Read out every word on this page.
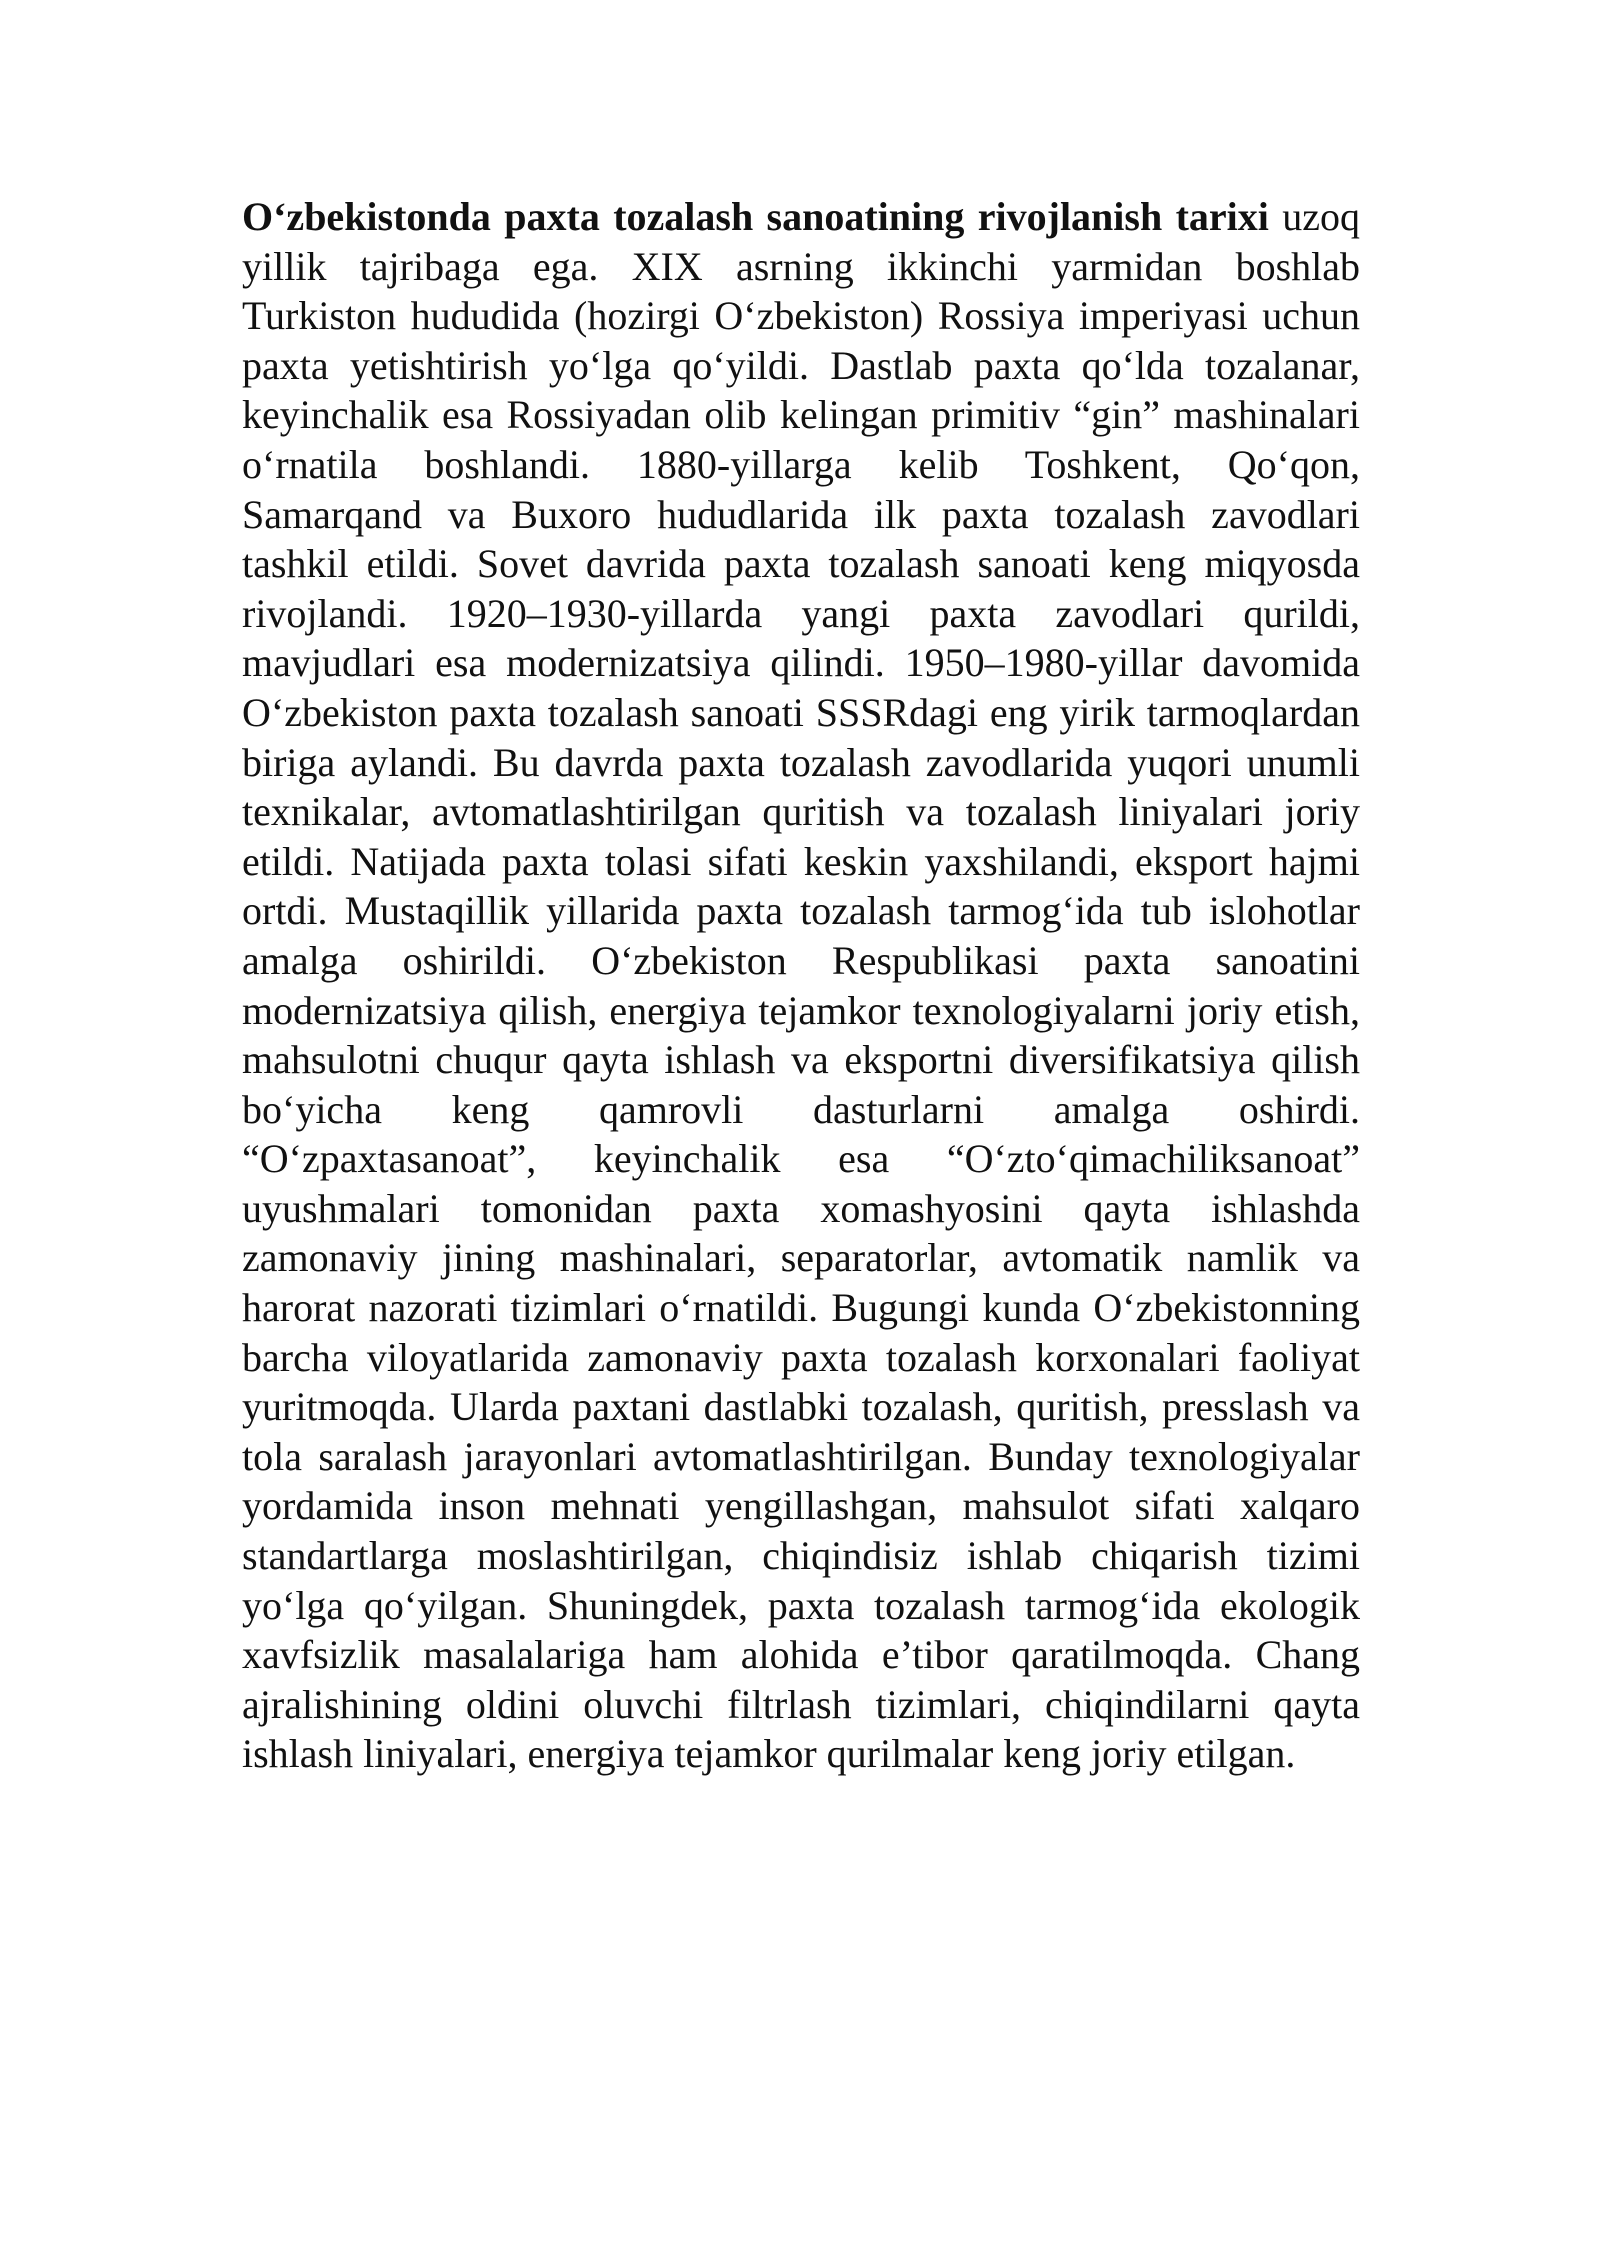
O‘zbekistonda paxta tozalash sanoatining rivojlanish tarixi uzoq yillik tajribaga ega. XIX asrning ikkinchi yarmidan boshlab Turkiston hududida (hozirgi O‘zbekiston) Rossiya imperiyasi uchun paxta yetishtirish yo‘lga qo‘yildi. Dastlab paxta qo‘lda tozalanar, keyinchalik esa Rossiyadan olib kelingan primitiv “gin” mashinalari o‘rnatila boshlandi. 1880-yillarga kelib Toshkent, Qo‘qon, Samarqand va Buxoro hududlarida ilk paxta tozalash zavodlari tashkil etildi. Sovet davrida paxta tozalash sanoati keng miqyosda rivojlandi. 1920–1930-yillarda yangi paxta zavodlari qurildi, mavjudlari esa modernizatsiya qilindi. 1950–1980-yillar davomida O‘zbekiston paxta tozalash sanoati SSSRdagi eng yirik tarmoqlardan biriga aylandi. Bu davrda paxta tozalash zavodlarida yuqori unumli texnikalar, avtomatlashtirilgan quritish va tozalash liniyalari joriy etildi. Natijada paxta tolasi sifati keskin yaxshilandi, eksport hajmi ortdi. Mustaqillik yillarida paxta tozalash tarmog‘ida tub islohotlar amalga oshirildi. O‘zbekiston Respublikasi paxta sanoatini modernizatsiya qilish, energiya tejamkor texnologiyalarni joriy etish, mahsulotni chuqur qayta ishlash va eksportni diversifikatsiya qilish bo‘yicha keng qamrovli dasturlarni amalga oshirdi. “O‘zpaxtasanoat”, keyinchalik esa “O‘zto‘qimachiliksanoat” uyushmalari tomonidan paxta xomashyosini qayta ishlashda zamonaviy jining mashinalari, separatorlar, avtomatik namlik va harorat nazorati tizimlari o‘rnatildi. Bugungi kunda O‘zbekistonning barcha viloyatlarida zamonaviy paxta tozalash korxonalari faoliyat yuritmoqda. Ularda paxtani dastlabki tozalash, quritish, presslash va tola saralash jarayonlari avtomatlashtirilgan. Bunday texnologiyalar yordamida inson mehnati yengillashgan, mahsulot sifati xalqaro standartlarga moslashtirilgan, chiqindisiz ishlab chiqarish tizimi yo‘lga qo‘yilgan. Shuningdek, paxta tozalash tarmog‘ida ekologik xavfsizlik masalalariga ham alohida e’tibor qaratilmoqda. Chang ajralishining oldini oluvchi filtrlash tizimlari, chiqindilarni qayta ishlash liniyalari, energiya tejamkor qurilmalar keng joriy etilgan.
